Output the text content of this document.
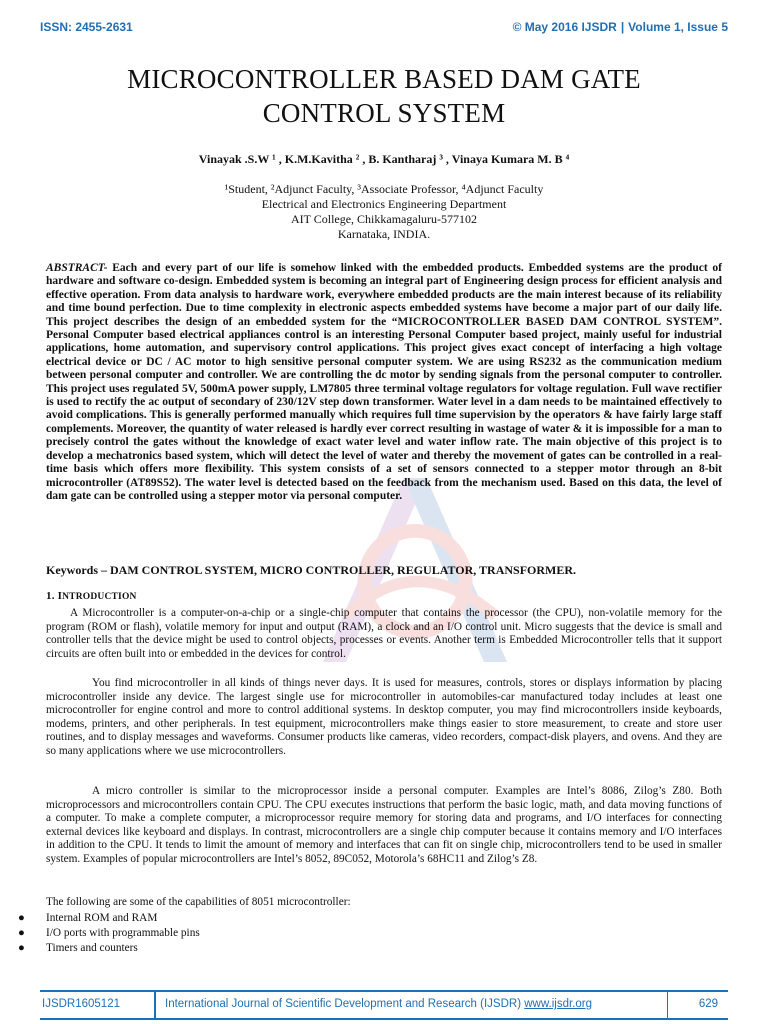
ISSN: 2455-2631	© May 2016 IJSDR | Volume 1, Issue 5
MICROCONTROLLER BASED DAM GATE
CONTROL SYSTEM
Vinayak .S.W ¹ , K.M.Kavitha ² , B. Kantharaj ³ , Vinaya Kumara M. B ⁴
¹Student, ²Adjunct Faculty, ³Associate Professor, ⁴Adjunct Faculty
Electrical and Electronics Engineering Department
AIT College, Chikkamagaluru-577102
Karnataka, INDIA.
ABSTRACT- Each and every part of our life is somehow linked with the embedded products. Embedded systems are the product of hardware and software co-design. Embedded system is becoming an integral part of Engineering design process for efficient analysis and effective operation. From data analysis to hardware work, everywhere embedded products are the main interest because of its reliability and time bound perfection. Due to time complexity in electronic aspects embedded systems have become a major part of our daily life. This project describes the design of an embedded system for the “MICROCONTROLLER BASED DAM CONTROL SYSTEM”. Personal Computer based electrical appliances control is an interesting Personal Computer based project, mainly useful for industrial applications, home automation, and supervisory control applications. This project gives exact concept of interfacing a high voltage electrical device or DC / AC motor to high sensitive personal computer system. We are using RS232 as the communication medium between personal computer and controller. We are controlling the dc motor by sending signals from the personal computer to controller. This project uses regulated 5V, 500mA power supply, LM7805 three terminal voltage regulators for voltage regulation. Full wave rectifier is used to rectify the ac output of secondary of 230/12V step down transformer. Water level in a dam needs to be maintained effectively to avoid complications. This is generally performed manually which requires full time supervision by the operators & have fairly large staff complements. Moreover, the quantity of water released is hardly ever correct resulting in wastage of water & it is impossible for a man to precisely control the gates without the knowledge of exact water level and water inflow rate. The main objective of this project is to develop a mechatronics based system, which will detect the level of water and thereby the movement of gates can be controlled in a real-time basis which offers more flexibility. This system consists of a set of sensors connected to a stepper motor through an 8-bit microcontroller (AT89S52). The water level is detected based on the feedback from the mechanism used. Based on this data, the level of dam gate can be controlled using a stepper motor via personal computer.
Keywords – DAM CONTROL SYSTEM, MICRO CONTROLLER, REGULATOR, TRANSFORMER.
1. INTRODUCTION
A Microcontroller is a computer-on-a-chip or a single-chip computer that contains the processor (the CPU), non-volatile memory for the program (ROM or flash), volatile memory for input and output (RAM), a clock and an I/O control unit. Micro suggests that the device is small and controller tells that the device might be used to control objects, processes or events. Another term is Embedded Microcontroller tells that it support circuits are often built into or embedded in the devices for control.
You find microcontroller in all kinds of things never days. It is used for measures, controls, stores or displays information by placing microcontroller inside any device. The largest single use for microcontroller in automobiles-car manufactured today includes at least one microcontroller for engine control and more to control additional systems. In desktop computer, you may find microcontrollers inside keyboards, modems, printers, and other peripherals. In test equipment, microcontrollers make things easier to store measurement, to create and store user routines, and to display messages and waveforms. Consumer products like cameras, video recorders, compact-disk players, and ovens. And they are so many applications where we use microcontrollers.
A micro controller is similar to the microprocessor inside a personal computer. Examples are Intel’s 8086, Zilog’s Z80. Both microprocessors and microcontrollers contain CPU. The CPU executes instructions that perform the basic logic, math, and data moving functions of a computer. To make a complete computer, a microprocessor require memory for storing data and programs, and I/O interfaces for connecting external devices like keyboard and displays. In contrast, microcontrollers are a single chip computer because it contains memory and I/O interfaces in addition to the CPU. It tends to limit the amount of memory and interfaces that can fit on single chip, microcontrollers tend to be used in smaller system. Examples of popular microcontrollers are Intel’s 8052, 89C052, Motorola’s 68HC11 and Zilog’s Z8.
The following are some of the capabilities of 8051 microcontroller:
● Internal ROM and RAM
● I/O ports with programmable pins
● Timers and counters
IJSDR1605121	International Journal of Scientific Development and Research (IJSDR) www.ijsdr.org	629
